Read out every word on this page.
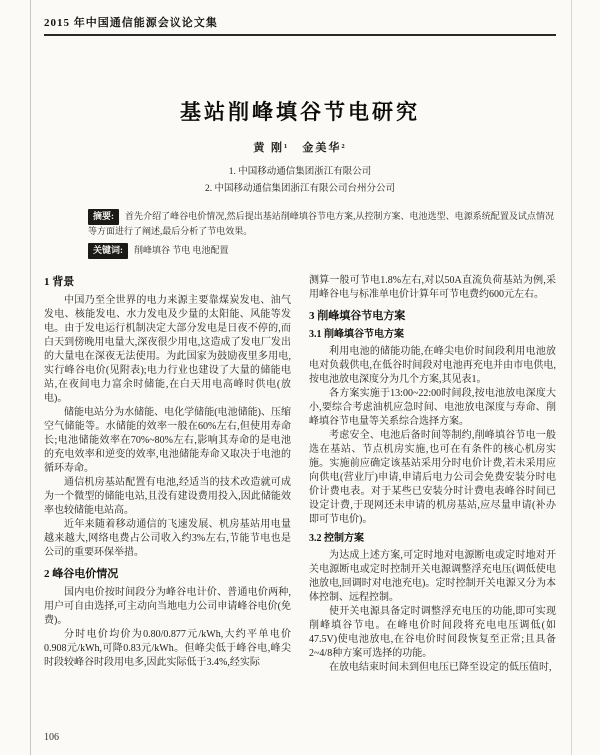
2015 年中国通信能源会议论文集
基站削峰填谷节电研究
黄 刚¹　金美华²
1. 中国移动通信集团浙江有限公司
2. 中国移动通信集团浙江有限公司台州分公司
摘要: 首先介绍了峰谷电价情况,然后提出基站削峰填谷节电方案,从控制方案、电池选型、电源系统配置及试点情况等方面进行了阐述,最后分析了节电效果。
关键词: 削峰填谷 节电 电池配置
1 背景

中国乃至全世界的电力来源主要靠煤炭发电、油气发电、核能发电、水力发电及少量的太阳能、风能等发电。由于发电运行机制决定大部分发电是日夜不停的,而白天到傍晚用电量大,深夜很少用电,这造成了发电厂发出的大量电在深夜无法使用。为此国家为鼓励夜里多用电,实行峰谷电价(见附表);电力行业也建设了大量的储能电站,在夜间电力富余时储能,在白天用电高峰时供电(放电)。

储能电站分为水储能、电化学储能(电池储能)、压缩空气储能等。水储能的效率一般在60%左右,但使用寿命长;电池储能效率在70%~80%左右,影响其寿命的是电池的充电效率和逆变的效率,电池储能寿命又取决于电池的循环寿命。

通信机房基站配置有电池,经适当的技术改造就可成为一个微型的储能电站,且没有建设费用投入,因此储能效率也较储能电站高。

近年来随着移动通信的飞速发展、机房基站用电量越来越大,网络电费占公司收入约3%左右,节能节电也是公司的重要环保举措。

2 峰谷电价情况

国内电价按时间段分为峰谷电计价、普通电价两种,用户可自由选择,可主动向当地电力公司申请峰谷电价(免费)。

分时电价均价为0.80/0.877元/kWh,大约平单电价0.908元/kWh,可降0.83元/kWh。但峰尖低于峰谷电,峰尖时段较峰谷时段用电多,因此实际低于3.4%,经实际

测算一般可节电1.8%左右,对以50A直流负荷基站为例,采用峰谷电与标准单电价计算年可节电费约600元左右。

3 削峰填谷节电方案
3.1 削峰填谷节电方案

利用电池的储能功能,在峰尖电价时间段利用电池放电对负载供电,在低谷时间段对电池再充电并由市电供电,按电池放电深度分为几个方案,其见表1。

各方案实施于13:00~22:00时间段,按电池放电深度大小,要综合考虑油机应急时间、电池放电深度与寿命、削峰填谷节电量等关系综合选择方案。

考虑安全、电池后备时间等制约,削峰填谷节电一般选在基站、节点机房实施,也可在有条件的核心机房实施。实施前应确定该基站采用分时电价计费,若未采用应向供电(营业厅)申请,申请后电力公司会免费安装分时电价计费电表。对于某些已安装分时计费电表峰谷时间已设定计费,于现网还未申请的机房基站,应尽量申请(补办即可节电价)。

3.2 控制方案

为达成上述方案,可定时地对电源断电或定时地对开关电源断电或定时控制开关电源调整浮充电压(调低使电池放电,回调时对电池充电)。定时控制开关电源又分为本体控制、远程控制。

使开关电源具备定时调整浮充电压的功能,即可实现削峰填谷节电。在峰电价时间段将充电电压调低(如47.5V)使电池放电,在谷电价时间段恢复至正常;且具备2~4/8种方案可选择的功能。

在放电结束时间未到但电压已降至设定的低压值时,

106
